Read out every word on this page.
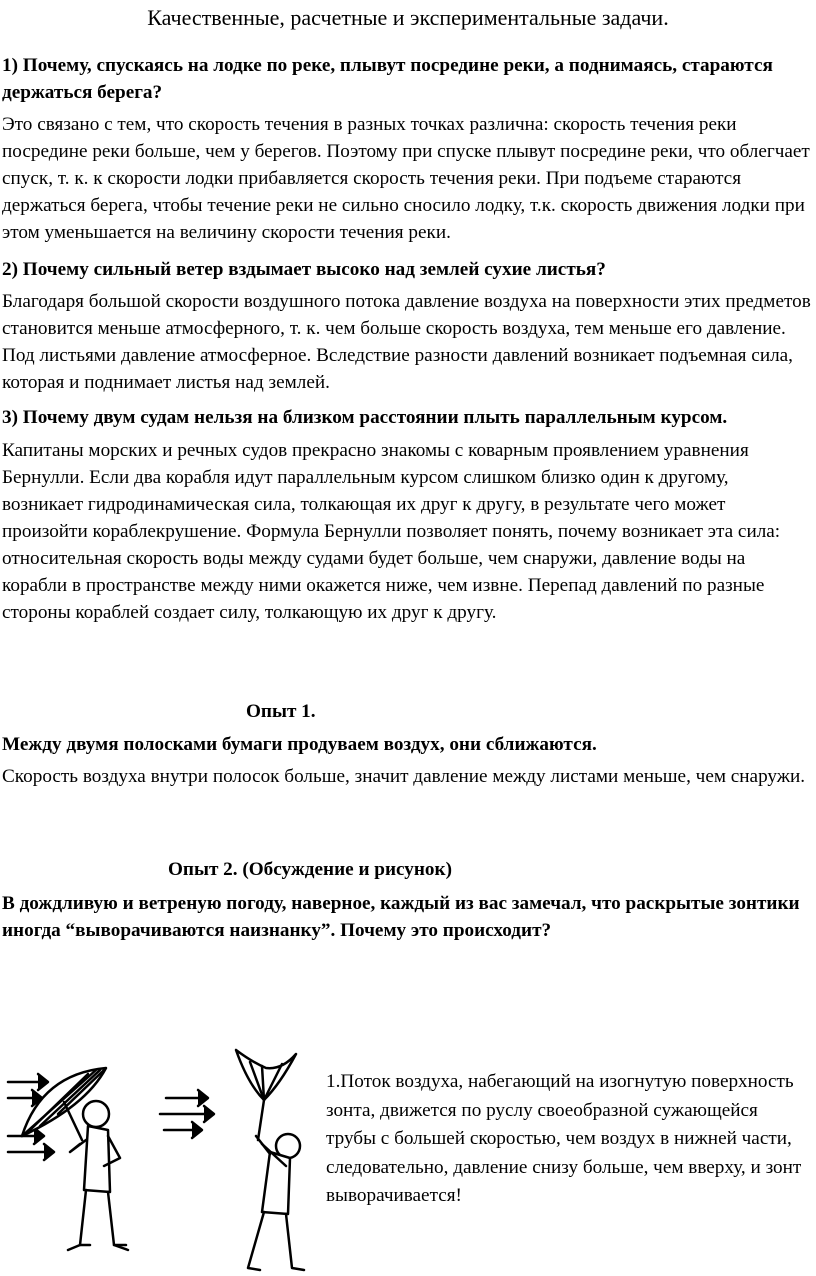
Качественные, расчетные и экспериментальные задачи.
1) Почему, спускаясь на лодке по реке, плывут посредине реки, а поднимаясь, стараются держаться берега?
Это связано с тем, что скорость течения в разных точках различна: скорость течения реки посредине реки больше, чем у берегов. Поэтому при спуске плывут посредине реки, что облегчает спуск, т. к. к скорости лодки прибавляется скорость течения реки. При подъеме стараются держаться берега, чтобы течение реки не сильно сносило лодку, т.к. скорость движения лодки при этом уменьшается на величину скорости течения реки.
2) Почему сильный ветер вздымает высоко над землей сухие листья?
Благодаря большой скорости воздушного потока давление воздуха на поверхности этих предметов становится меньше атмосферного, т. к. чем больше скорость воздуха, тем меньше его давление. Под листьями давление атмосферное. Вследствие разности давлений возникает подъемная сила, которая и поднимает листья над землей.
3) Почему двум судам нельзя на близком расстоянии плыть параллельным курсом.
Капитаны морских и речных судов прекрасно знакомы с коварным проявлением уравнения Бернулли. Если два корабля идут параллельным курсом слишком близко один к другому, возникает гидродинамическая сила, толкающая их друг к другу, в результате чего может произойти кораблекрушение. Формула Бернулли позволяет понять, почему возникает эта сила: относительная скорость воды между судами будет больше, чем снаружи, давление воды на корабли в пространстве между ними окажется ниже, чем извне. Перепад давлений по разные стороны кораблей создает силу, толкающую их друг к другу.
Опыт 1.
Между двумя полосками бумаги продуваем воздух, они сближаются.
Скорость воздуха внутри полосок больше, значит давление между листами меньше, чем снаружи.
Опыт 2. (Обсуждение и рисунок)
В дождливую и ветреную погоду, наверное, каждый из вас замечал, что раскрытые зонтики иногда “выворачиваются наизнанку”. Почему это происходит?
1.Поток воздуха, набегающий на изогнутую поверхность зонта, движется по руслу своеобразной сужающейся трубы с большей скоростью, чем воздух в нижней части, следовательно, давление снизу больше, чем вверху, и зонт выворачивается!
